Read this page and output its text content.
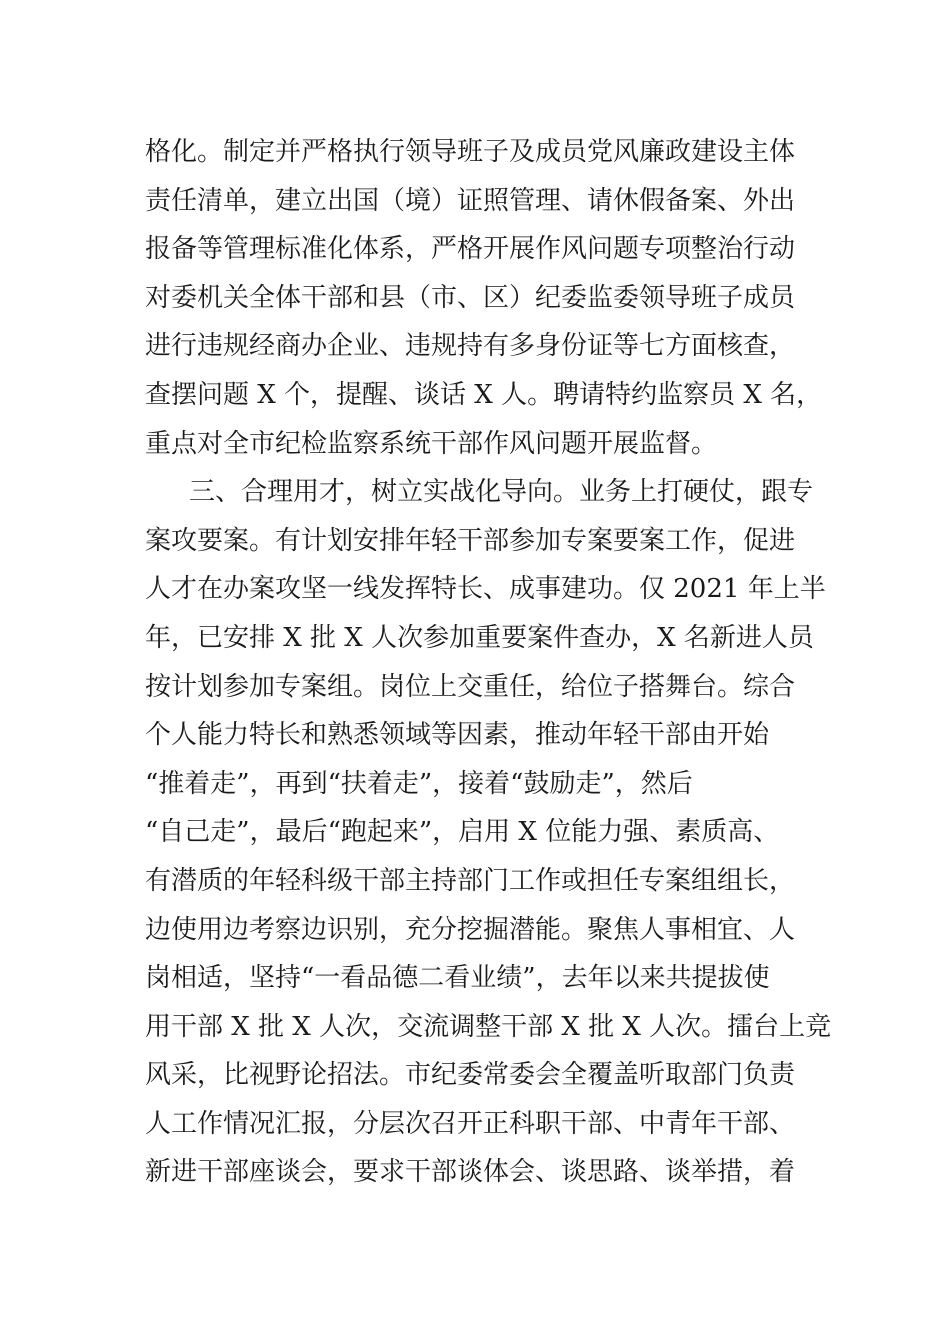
格化。制定并严格执行领导班子及成员党风廉政建设主体
责任清单，建立出国（境）证照管理、请休假备案、外出
报备等管理标准化体系，严格开展作风问题专项整治行动
对委机关全体干部和县（市、区）纪委监委领导班子成员
进行违规经商办企业、违规持有多身份证等七方面核查，
查摆问题 X 个，提醒、谈话 X 人。聘请特约监察员 X 名，
重点对全市纪检监察系统干部作风问题开展监督。
三、合理用才，树立实战化导向。业务上打硬仗，跟专
案攻要案。有计划安排年轻干部参加专案要案工作，促进
人才在办案攻坚一线发挥特长、成事建功。仅 2021 年上半
年，已安排 X 批 X 人次参加重要案件查办，X 名新进人员
按计划参加专案组。岗位上交重任，给位子搭舞台。综合
个人能力特长和熟悉领域等因素，推动年轻干部由开始
“推着走”，再到“扶着走”，接着“鼓励走”，然后
“自己走”，最后“跑起来”，启用 X 位能力强、素质高、
有潜质的年轻科级干部主持部门工作或担任专案组组长，
边使用边考察边识别，充分挖掘潜能。聚焦人事相宜、人
岗相适，坚持“一看品德二看业绩”，去年以来共提拔使
用干部 X 批 X 人次，交流调整干部 X 批 X 人次。擂台上竞
风采，比视野论招法。市纪委常委会全覆盖听取部门负责
人工作情况汇报，分层次召开正科职干部、中青年干部、
新进干部座谈会，要求干部谈体会、谈思路、谈举措，着
